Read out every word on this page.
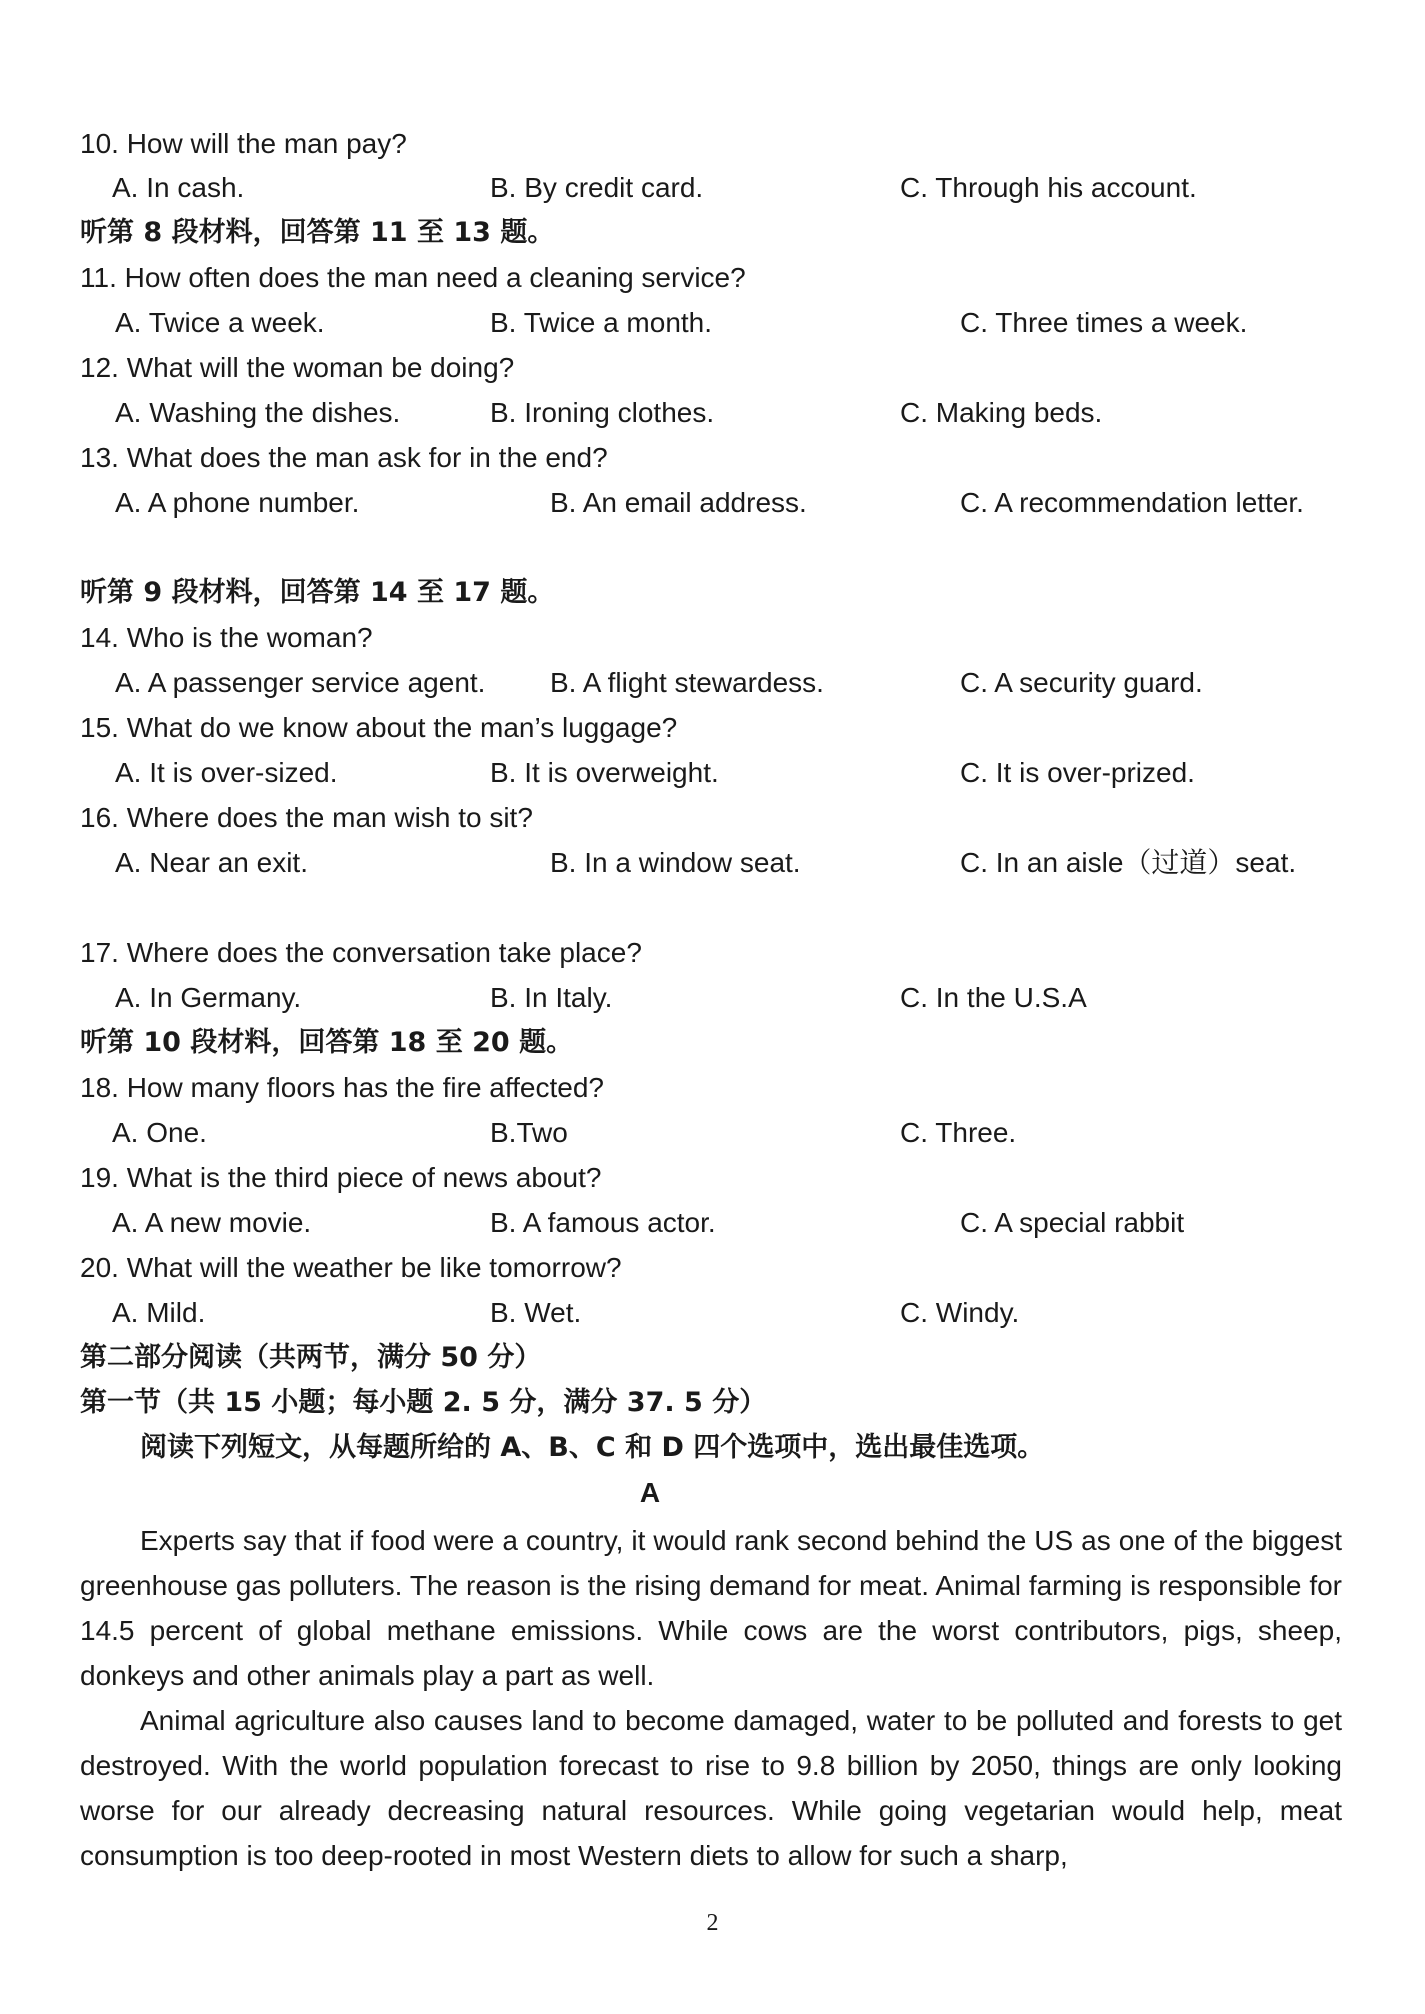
10. How will the man pay?
A. In cash.	B. By credit card.	C. Through his account.
听第 8 段材料，回答第 11 至 13 题。
11. How often does the man need a cleaning service?
A. Twice a week.	B. Twice a month.	C. Three times a week.
12. What will the woman be doing?
A. Washing the dishes.	B. Ironing clothes.	C. Making beds.
13. What does the man ask for in the end?
A. A phone number.	B. An email address.	C. A recommendation letter.
听第 9 段材料，回答第 14 至 17 题。
14. Who is the woman?
A. A passenger service agent. B. A flight stewardess.	C. A security guard.
15. What do we know about the man’s luggage?
A. It is over-sized.	B. It is overweight.	C. It is over-prized.
16. Where does the man wish to sit?
A. Near an exit.	B. In a window seat.	C. In an aisle（过道）seat.
17. Where does the conversation take place?
A. In Germany.	B. In Italy.	C. In the U.S.A
听第 10 段材料，回答第 18 至 20 题。
18. How many floors has the fire affected?
A. One.	B.Two	C. Three.
19. What is the third piece of news about?
A. A new movie.	B. A famous actor.	C. A special rabbit
20. What will the weather be like tomorrow?
A. Mild.	B. Wet.	C. Windy.
第二部分阅读（共两节，满分 50 分）
第一节（共 15 小题；每小题 2. 5 分，满分 37. 5 分）
阅读下列短文，从每题所给的 A、B、C 和 D 四个选项中，选出最佳选项。
A
Experts say that if food were a country, it would rank second behind the US as one of the biggest greenhouse gas polluters. The reason is the rising demand for meat. Animal farming is responsible for 14.5 percent of global methane emissions. While cows are the worst contributors, pigs, sheep, donkeys and other animals play a part as well.
Animal agriculture also causes land to become damaged, water to be polluted and forests to get destroyed. With the world population forecast to rise to 9.8 billion by 2050, things are only looking worse for our already decreasing natural resources. While going vegetarian would help, meat consumption is too deep-rooted in most Western diets to allow for such a sharp,
2
